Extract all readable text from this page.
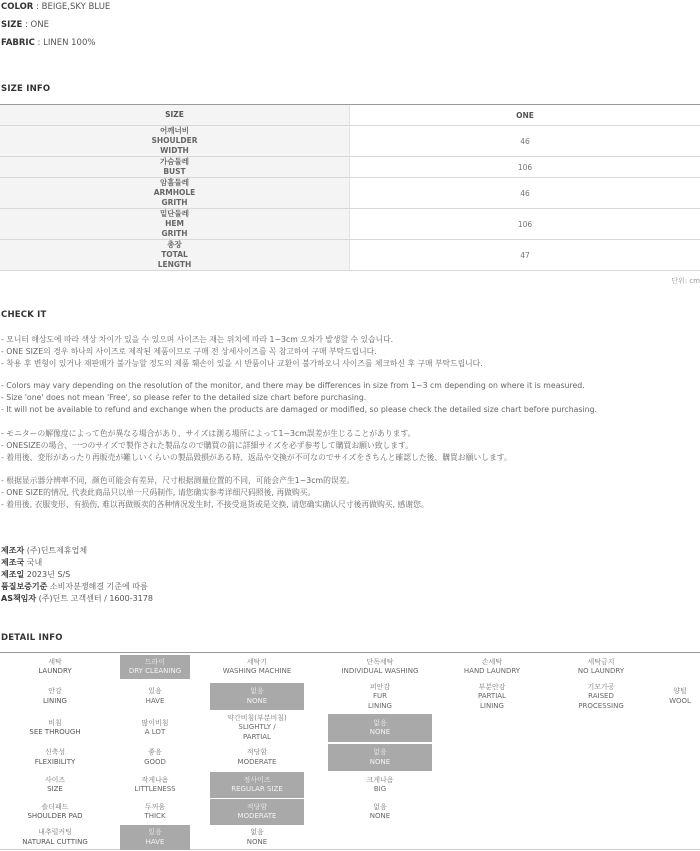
COLOR : BEIGE,SKY BLUE
SIZE : ONE
FABRIC : LINEN 100%
SIZE INFO
SIZE	ONE
어깨너비
SHOULDER
WIDTH
46
가슴둘레
BUST	106
암홀둘레
ARMHOLE
GRITH
46
밑단둘레
HEM
GRITH
106
총장
TOTAL
LENGTH
47
단위: cm
CHECK IT
- 모니터 해상도에 따라 색상 차이가 있을 수 있으며 사이즈는 재는 위치에 따라 1~3cm 오차가 발생할 수 있습니다.
- ONE SIZE의 경우 하나의 사이즈로 제작된 제품이므로 구매 전 상세사이즈를 꼭 참고하여 구매 부탁드립니다.
- 착용 후 변형이 있거나 재판매가 불가능할 정도의 제품 훼손이 있을 시 반품이나 교환이 불가하오니 사이즈를 체크하신 후 구매 부탁드립니다.
- Colors may vary depending on the resolution of the monitor, and there may be differences in size from 1~3 cm depending on where it is measured.
- Size 'one' does not mean 'Free', so please refer to the detailed size chart before purchasing.
- It will not be available to refund and exchange when the products are damaged or modified, so please check the detailed size chart before purchasing.
- モニターの解像度によって色が異なる場合があり、サイズは測る場所によって1~3cm誤差が生じることがあります。
- ONESIZEの場合、一つのサイズで製作された製品なので購買の前に詳細サイズを必ず参考して購買お願い致します。
- 着用後、変形があったり再販売が難しいくらいの製品毀損がある時、返品や交換が不可なのでサイズをきちんと確認した後、購買お願いします。
- 根据显示器分辨率不同，颜色可能会有差异，尺寸根据测量位置的不同，可能会产生1~3cm的误差。
- ONE SIZE的情况, 代表此商品只以单一尺码制作, 请您确实参考详细尺码照後, 再做购买。
- 着用後, 衣服变形、有损伤, 难以再做贩卖的各种情况发生时, 不接受退货或是交换, 请您确实确认尺寸後再做购买, 感谢您。
제조자 (주)딘트제휴업체
제조국 국내
제조일 2023년 S/S
품질보증기준 소비자분쟁해결 기준에 따름
AS책임자 (주)딘트 고객센터 / 1600-3178
DETAIL INFO
세탁
LAUNDRY
드라이
DRY CLEANING
세탁기
WASHING MACHINE
단독세탁
INDIVIDUAL WASHING
손세탁
HAND LAUNDRY
세탁금지
NO LAUNDRY
안감
LINING
있음
HAVE
없음
NONE
퍼안감
FUR
LINING
부분안감
PARTIAL
LINING
기모가공
RAISED
PROCESSING
양털
WOOL
비침
SEE THROUGH
많이비침
A LOT
약간비침(부분비침)
SLIGHTLY /
PARTIAL
없음
NONE
신축성
FLEXIBILITY
좋음
GOOD
적당함
MODERATE
없음
NONE
사이즈
SIZE
작게나옴
LITTLENESS
정사이즈
REGULAR SIZE
크게나옴
BIG
숄더패드
SHOULDER PAD
두꺼움
THICK
적당함
MODERATE
없음
NONE
내추럴커팅
NATURAL CUTTING
있음
HAVE
없음
NONE
